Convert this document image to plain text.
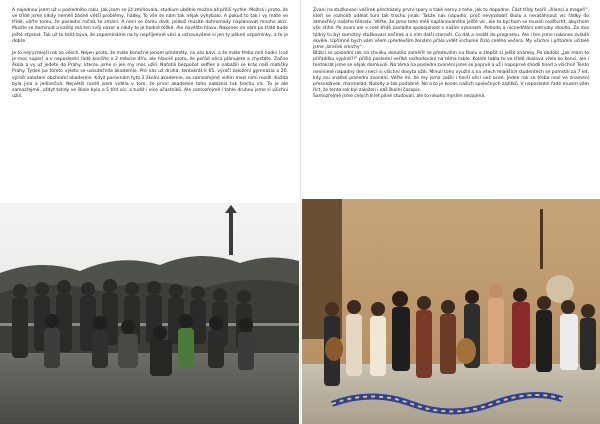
A najednou jsem už u posledního roku. Jak jsem se již zmiňovala, studium uběhlo možná až příliš rychle. Možná i proto, že ve třídě jsme nikdy neměli žádné větší problémy, hádky. To vše se nám tak nějak vyhýbalo. A pokud to tak i vy máte ve třídě, věřte tomu, že poslední ročník to zmání. A není se čemu divit, jelikož musíte dohromady naplánovat mnoho akcí. Musíte se dominuit a každý má ten svůj názor a nikdy to je hodně těžké. Ale nevěšte hlavu. Nakonec se vám po třídě bude ještě stýskat. Tak už to totiž bývá, že zapomínáme na ty nepříjemné věci a uchováváme si jen ty pěkné vzpomínky, a to je dobře.

Je to nejrychlejší rok ze všech. Nejen proto, že máte konečně jenom předměty, co vás baví, a že máte třeba míň hodin (což je moc super) a v neposlední řadě končíte o 2 měsíce dřív, ale hlavně proto, že pořád něco plánujete a chystáte. Začne škola a vy už jedete do Prahy, kterou jsme si jen my moc užili. Nafotili bezpočet selfies a nabažili se krás naší matičky Prahy. Týden po tomto výletu se uskutečnila akademie. Pro nás už druhá, tentokrát k 65. výročí založení gymnázia a 20. výročí založení obchodní akademie. Když porovnám tyto 2 školní akademie, sa samozřejmě vidím mezi nimi rozdíl. Každá byla jiná a jedinečná. Největší rozdíl jsem viděla v tom, že první akademie toho nabízela tak trochu víc. To je ale samozřejmé, vždyť tehdy ve škole bylo o 5 tříd víc, a tudíž i více účastníků. Ale samozřejmě i tahle druhou jsme si všichni užili.

Zvaní na stužkovací večírek přecházely první spory a také nervy z toho, jak to dopadne. Část třídy tvořil „šílenci a magoři", kteří se rozhodli udělat tuní tak trochu jinak. Takže nás napadlo, proč nevyzdobit školu a neratáhnout víc řádky do atmosféry našeho tématu. Věřte, že jsme toho měli naplánováného ještě víc, ale to bychom se museli rozštvrtit, abychom vše stihli. Po zvaní ale v celé třídě zavládla spokojenost s naším výkonem. Pohoda a nicnedělání netrvaly dlouho. Za dva týdny tu byl samotný stužkovací večírek a s ním další starosti. Co dát a nedát do programu. Ale i ten jsme nakonec zvládli skvěle. Upřímně bych vám všem (především ženám) přála vidět vrcholné číslo celého večera. My všichni i přítomní učitelé jsme „brečeli smíchy".

Blížící se poslední rok na chvilku donutilo zaměřit se především na školu a zlepšit si ještě známky. Po období „Jak mám to přiřádilku vyplnit?!" přišlo poslední veřlké rozhodování na téma tablo. Kolem tabla to ve třídě doslova vřelo ko konci, ale i tentokrát jsme se nějak domluvili. Na téma na poslední zvonění jsme se poprvé a už i napoprvé shodli hned a všichni! Tento nevinimé nápadný den (nec) si všichni dosyta užili. Minuli toho využili a na všech mladších studentech se pomstili za 7 let, kdy oni snášeli poslední zvonění. Věřte mi, že my jsme zažili i horší věci než oceň. Jeden rok se třeba nesl ve znamení přesnídávek, marmelád, Nutelly a tak podobně. No a to je konec našich společných zážitků. V neposlední řadě musím vám říct, že tento rok byl založen i náš školní časopis.

Samozřejmě jsme celých 8 let pilně studovali, ale to nikoho myslím nezajímá.
